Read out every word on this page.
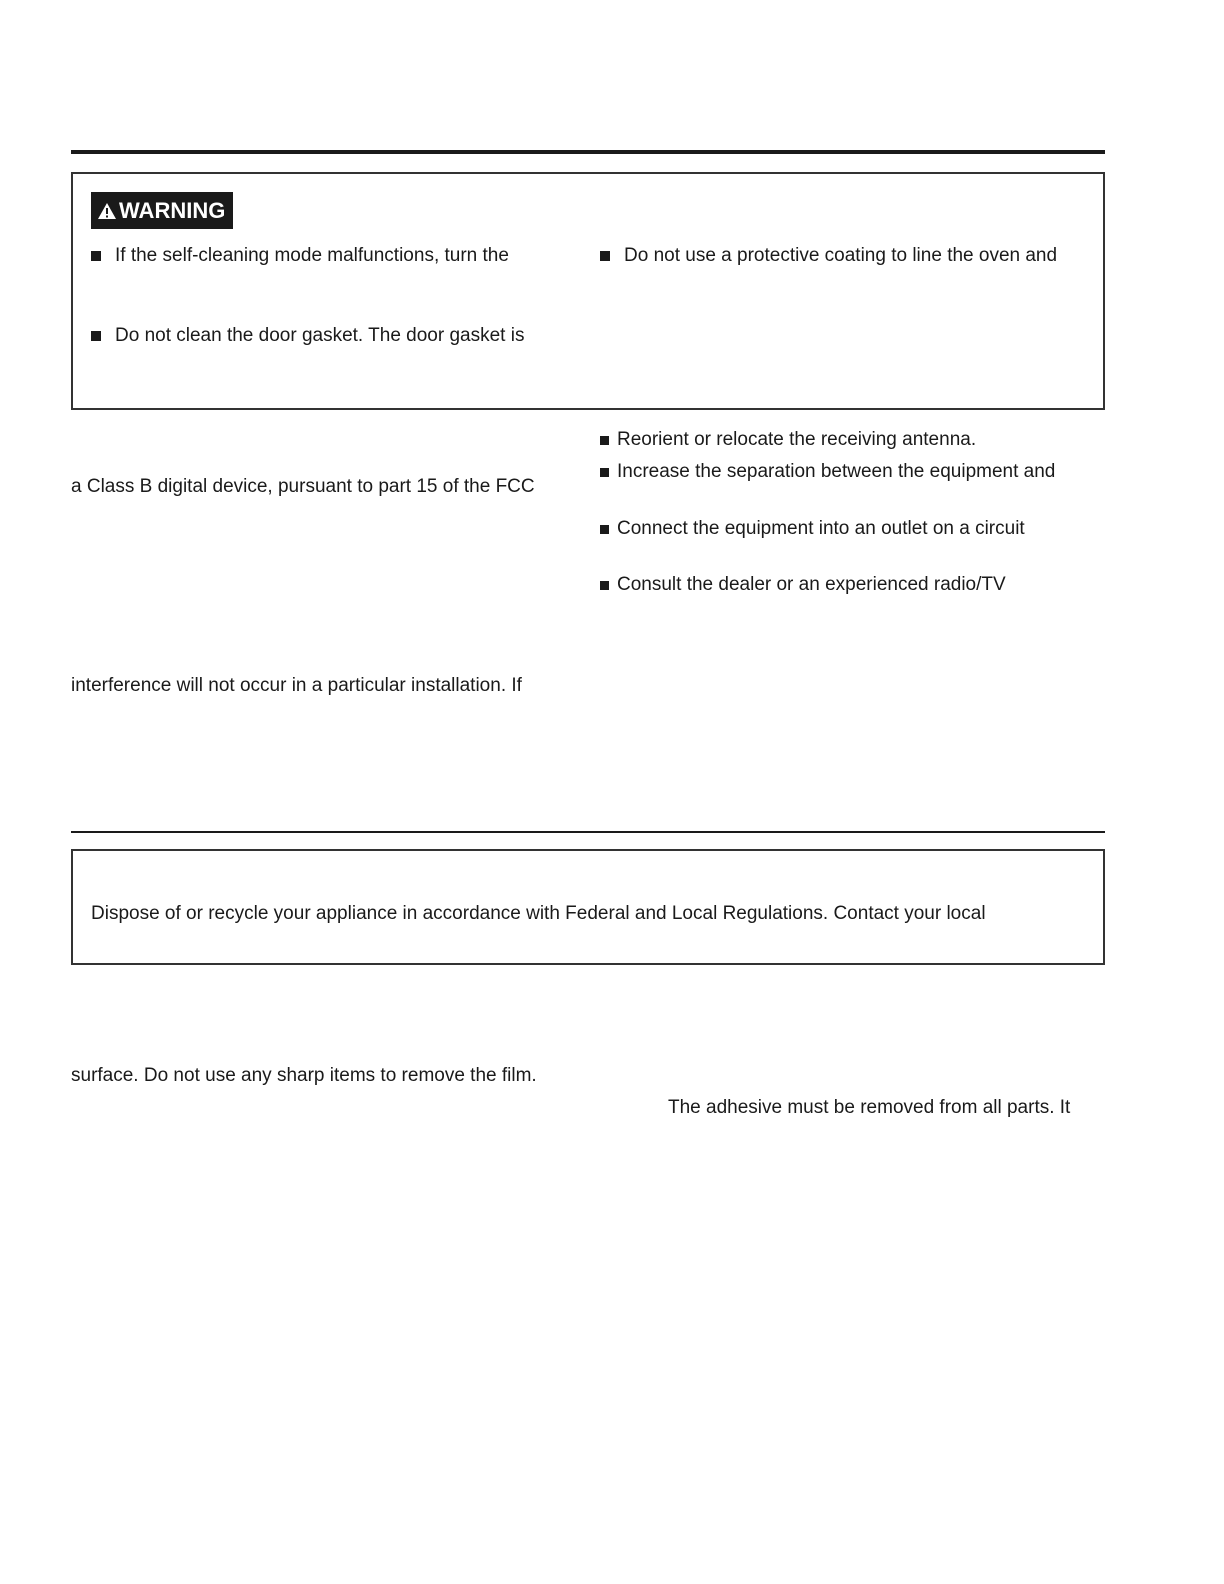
WARNING
If the self-cleaning mode malfunctions, turn the	Do not use a protective coating to line the oven and
Do not clean the door gasket. The door gasket is
a Class B digital device, pursuant to part 15 of the FCC
interference will not occur in a particular installation. If
Reorient or relocate the receiving antenna.
Increase the separation between the equipment and
Connect the equipment into an outlet on a circuit
Consult the dealer or an experienced radio/TV
Dispose of or recycle your appliance in accordance with Federal and Local Regulations. Contact your local
surface. Do not use any sharp items to remove the film.
The adhesive must be removed from all parts. It
